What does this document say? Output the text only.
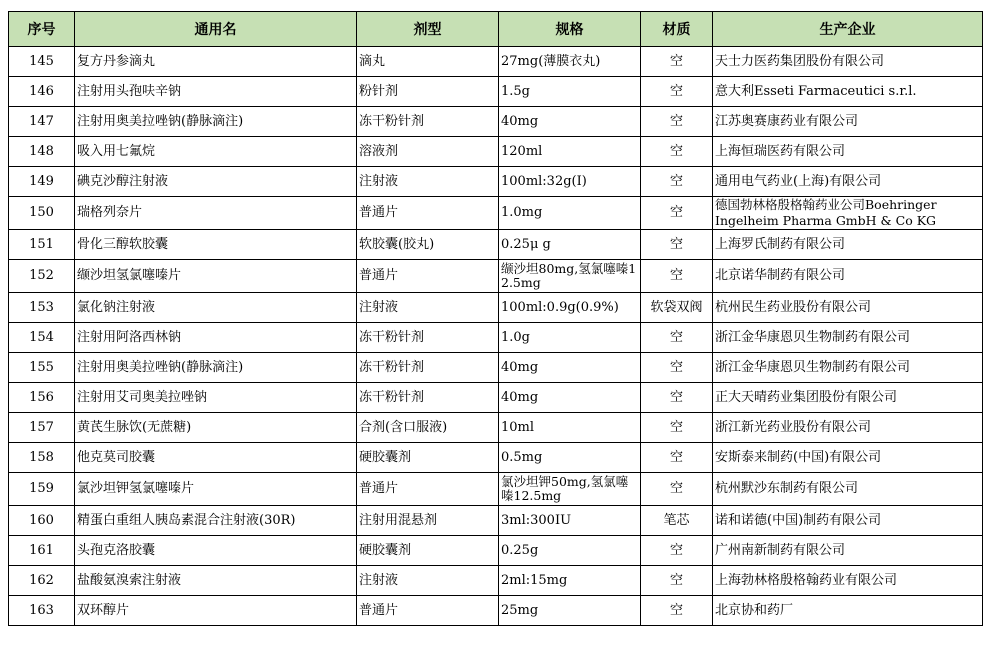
序号	通用名	剂型	规格	材质	生产企业
145	复方丹参滴丸	滴丸	27mg(薄膜衣丸)	空	天士力医药集团股份有限公司
146	注射用头孢呋辛钠	粉针剂	1.5g	空	意大利Esseti Farmaceutici s.r.l.
147	注射用奥美拉唑钠(静脉滴注)	冻干粉针剂	40mg	空	江苏奥赛康药业有限公司
148	吸入用七氟烷	溶液剂	120ml	空	上海恒瑞医药有限公司
149	碘克沙醇注射液	注射液	100ml:32g(I)	空	通用电气药业(上海)有限公司
150	瑞格列奈片	普通片	1.0mg	空	德国勃林格殷格翰药业公司Boehringer Ingelheim Pharma GmbH & Co KG
151	骨化三醇软胶囊	软胶囊(胶丸)	0.25μ g	空	上海罗氏制药有限公司
152	缬沙坦氢氯噻嗪片	普通片	缬沙坦80mg,氢氯噻嗪12.5mg	空	北京诺华制药有限公司
153	氯化钠注射液	注射液	100ml:0.9g(0.9%)	软袋双阀	杭州民生药业股份有限公司
154	注射用阿洛西林钠	冻干粉针剂	1.0g	空	浙江金华康恩贝生物制药有限公司
155	注射用奥美拉唑钠(静脉滴注)	冻干粉针剂	40mg	空	浙江金华康恩贝生物制药有限公司
156	注射用艾司奥美拉唑钠	冻干粉针剂	40mg	空	正大天晴药业集团股份有限公司
157	黄芪生脉饮(无蔗糖)	合剂(含口服液)	10ml	空	浙江新光药业股份有限公司
158	他克莫司胶囊	硬胶囊剂	0.5mg	空	安斯泰来制药(中国)有限公司
159	氯沙坦钾氢氯噻嗪片	普通片	氯沙坦钾50mg,氢氯噻嗪12.5mg	空	杭州默沙东制药有限公司
160	精蛋白重组人胰岛素混合注射液(30R)	注射用混悬剂	3ml:300IU	笔芯	诺和诺德(中国)制药有限公司
161	头孢克洛胶囊	硬胶囊剂	0.25g	空	广州南新制药有限公司
162	盐酸氨溴索注射液	注射液	2ml:15mg	空	上海勃林格殷格翰药业有限公司
163	双环醇片	普通片	25mg	空	北京协和药厂
